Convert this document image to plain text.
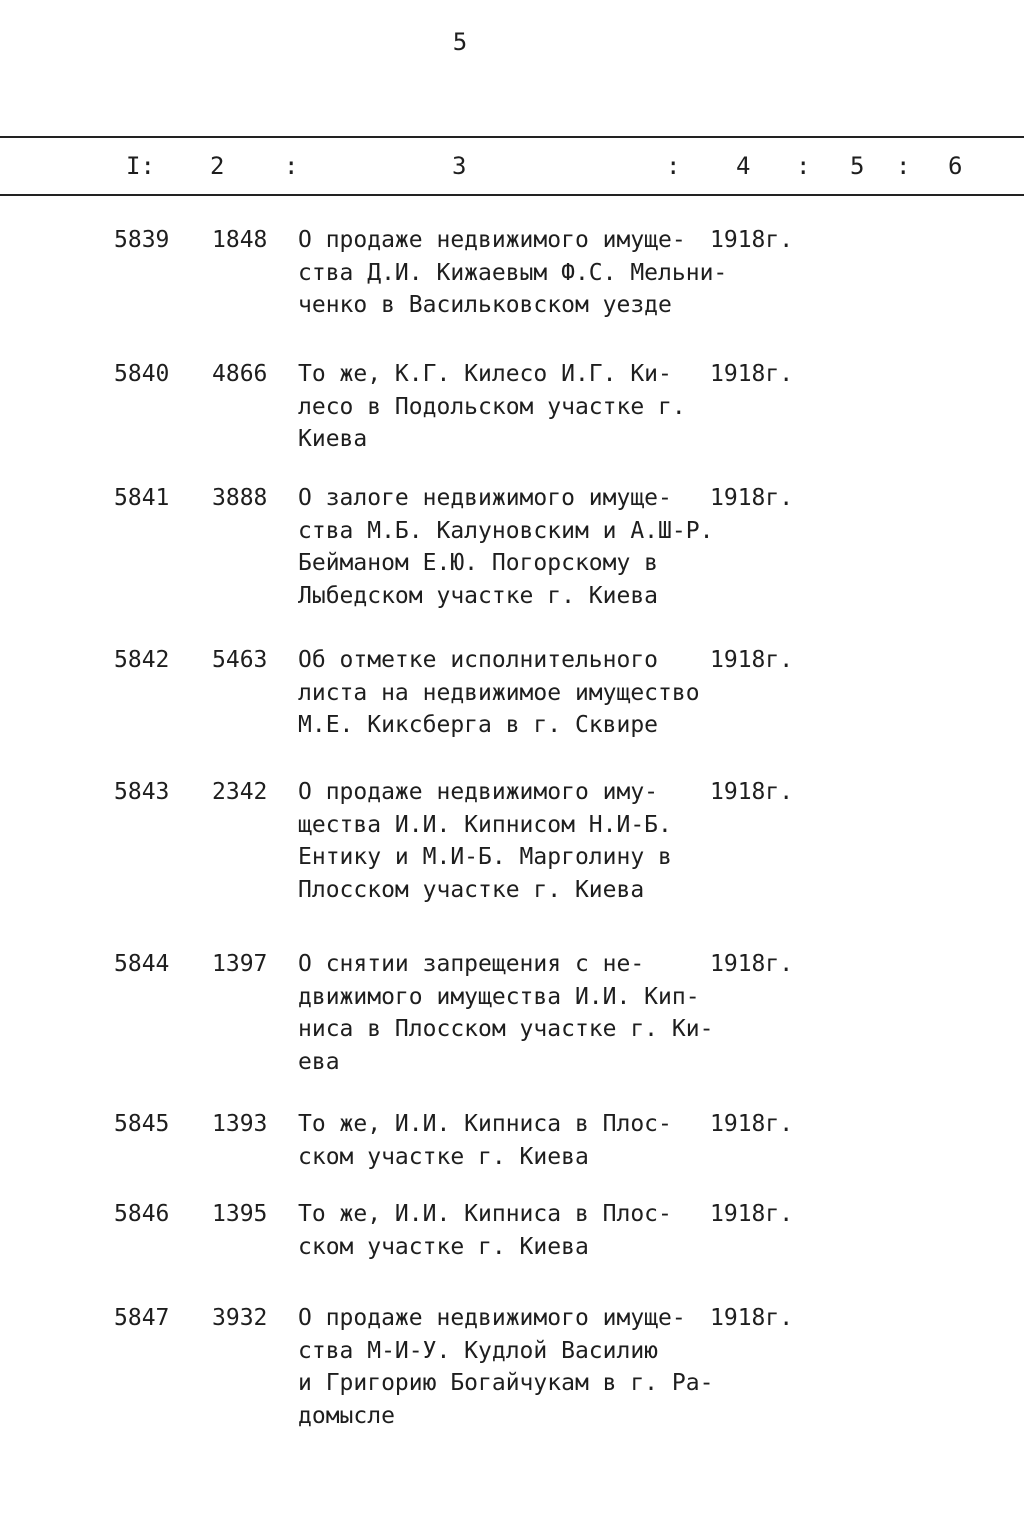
5
I: 2 :	3	: 4 : 5 : 6
5839 1848 О продаже недвижимого имуще-
ства Д.И. Кижаевым Ф.С. Мельни-
ченко в Васильковском уезде
1918г.
5840 4866 То же, К.Г. Килесо И.Г. Ки-
лесо в Подольском участке г.
Киева
1918г.
5841 3888 О залоге недвижимого имуще-
ства М.Б. Калуновским и А.Ш-Р.
Бейманом Е.Ю. Погорскому в
Лыбедском участке г. Киева
1918г.
5842 5463 Об отметке исполнительного
листа на недвижимое имущество
М.Е. Киксберга в г. Сквире
1918г.
5843 2342 О продаже недвижимого иму-
щества И.И. Кипнисом Н.И-Б.
Ентику и М.И-Б. Марголину в
Плосском участке г. Киева
1918г.
5844 1397 О снятии запрещения с не-
движимого имущества И.И. Кип-
ниса в Плосском участке г. Ки-
ева
1918г.
5845 1393 То же, И.И. Кипниса в Плос-
ском участке г. Киева
1918г.
5846 1395 То же, И.И. Кипниса в Плос-
ском участке г. Киева
1918г.
5847 3932 О продаже недвижимого имуще-
ства М-И-У. Кудлой Василию
и Григорию Богайчукам в г. Ра-
домысле
1918г.
